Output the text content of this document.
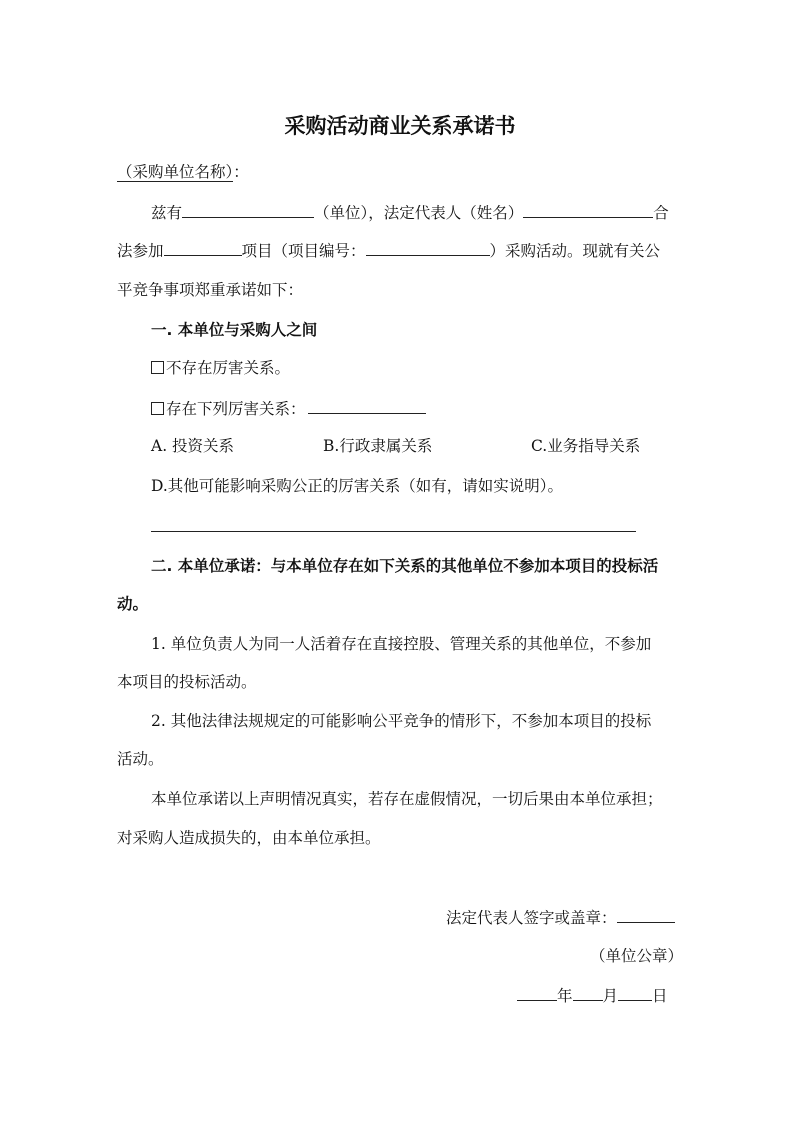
采购活动商业关系承诺书
（采购单位名称）：
兹有	（单位），法定代表人（姓名）	合
法参加	项目（项目编号：	）采购活动。现就有关公
平竞争事项郑重承诺如下：
一. 本单位与采购人之间
不存在厉害关系。
存在下列厉害关系：
A. 投资关系	B.行政隶属关系	C.业务指导关系
D.其他可能影响采购公正的厉害关系（如有，请如实说明）。
二. 本单位承诺：与本单位存在如下关系的其他单位不参加本项目的投标活
动。
1. 单位负责人为同一人活着存在直接控股、管理关系的其他单位，不参加
本项目的投标活动。
2. 其他法律法规规定的可能影响公平竞争的情形下，不参加本项目的投标
活动。
本单位承诺以上声明情况真实，若存在虚假情况，一切后果由本单位承担；
对采购人造成损失的，由本单位承担。
法定代表人签字或盖章：
（单位公章）
年 月 日
